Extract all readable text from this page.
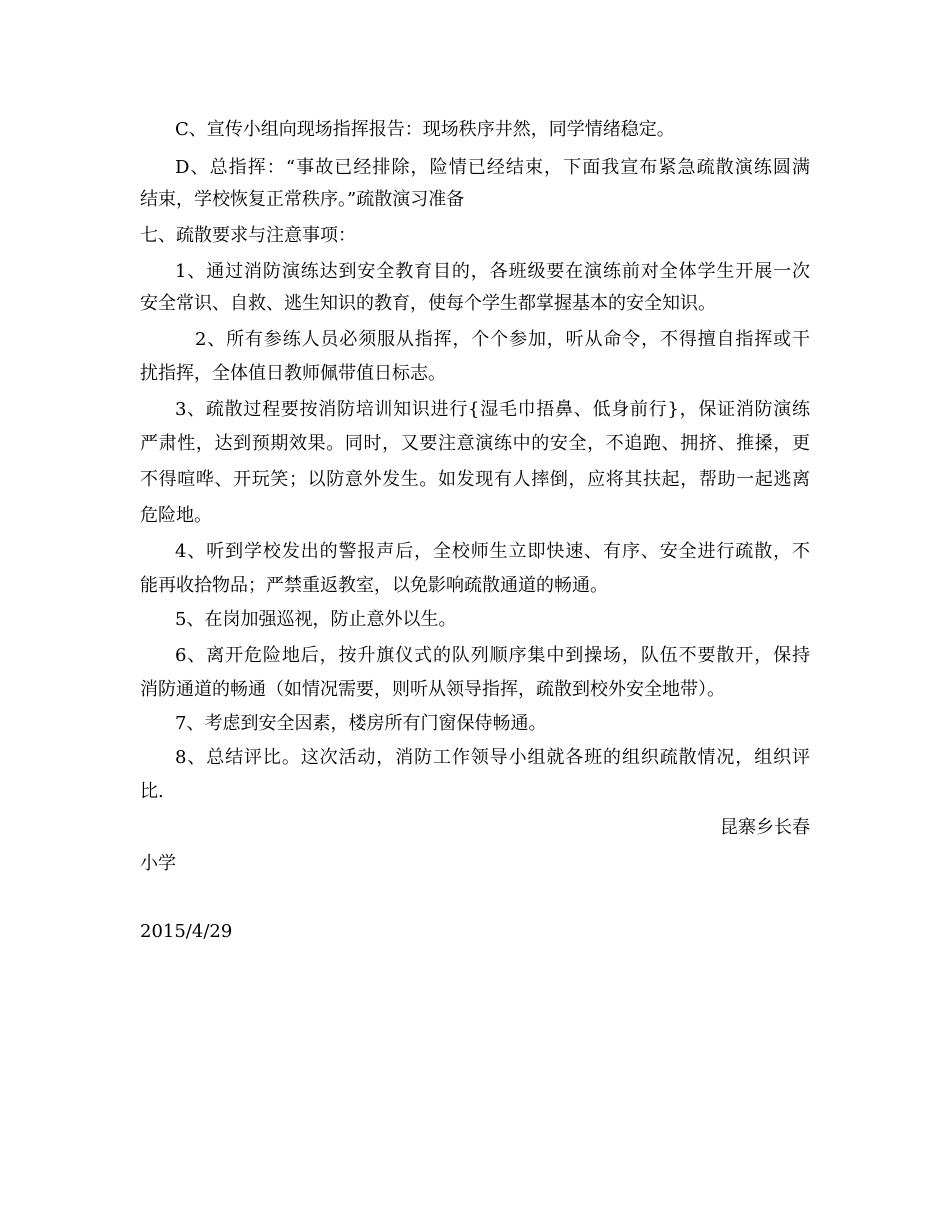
C、宣传小组向现场指挥报告：现场秩序井然，同学情绪稳定。
D、总指挥：“事故已经排除，险情已经结束，下面我宣布紧急疏散演练圆满
结束，学校恢复正常秩序。”疏散演习准备
七、疏散要求与注意事项：
1、通过消防演练达到安全教育目的，各班级要在演练前对全体学生开展一次
安全常识、自救、逃生知识的教育，使每个学生都掌握基本的安全知识。
2、所有参练人员必须服从指挥，个个参加，听从命令，不得擅自指挥或干
扰指挥，全体值日教师佩带值日标志。
3、疏散过程要按消防培训知识进行{湿毛巾捂鼻、低身前行}，保证消防演练
严肃性，达到预期效果。同时，又要注意演练中的安全，不追跑、拥挤、推搡，更
不得喧哗、开玩笑；以防意外发生。如发现有人摔倒，应将其扶起，帮助一起逃离
危险地。
4、听到学校发出的警报声后，全校师生立即快速、有序、安全进行疏散，不
能再收拾物品；严禁重返教室，以免影响疏散通道的畅通。
5、在岗加强巡视，防止意外以生。
6、离开危险地后，按升旗仪式的队列顺序集中到操场，队伍不要散开，保持
消防通道的畅通（如情况需要，则听从领导指挥，疏散到校外安全地带）。
7、考虑到安全因素，楼房所有门窗保侍畅通。
8、总结评比。这次活动，消防工作领导小组就各班的组织疏散情况，组织评
比.
昆寨乡长春
小学
2015/4/29
